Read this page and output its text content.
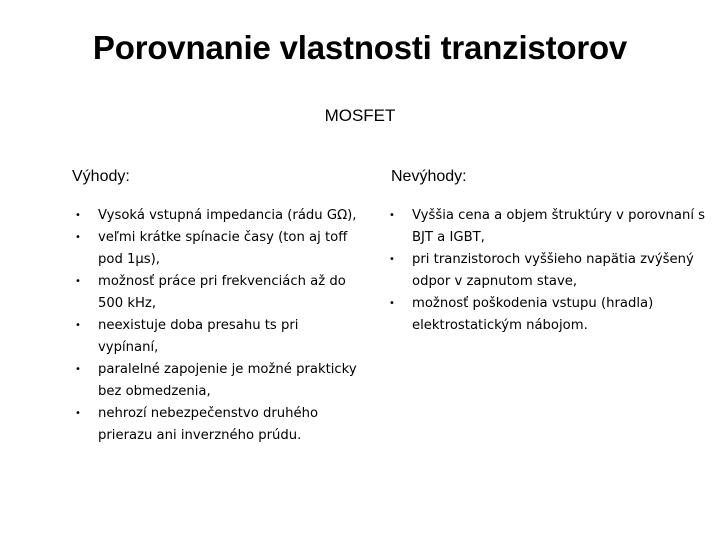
Porovnanie vlastnosti tranzistorov
MOSFET
Výhody:	Nevýhody:
• Vysoká vstupná impedancia (rádu GΩ),
• veľmi krátke spínacie časy (ton aj toff pod 1μs),
• možnosť práce pri frekvenciách až do 500 kHz,
• neexistuje doba presahu ts pri vypínaní,
• paralelné zapojenie je možné prakticky bez obmedzenia,
• nehrozí nebezpečenstvo druhého prierazu ani inverzného prúdu.
• Vyššia cena a objem štruktúry v porovnaní s BJT a IGBT,
• pri tranzistoroch vyššieho napätia zvýšený odpor v zapnutom stave,
• možnosť poškodenia vstupu (hradla) elektrostatickým nábojom.
